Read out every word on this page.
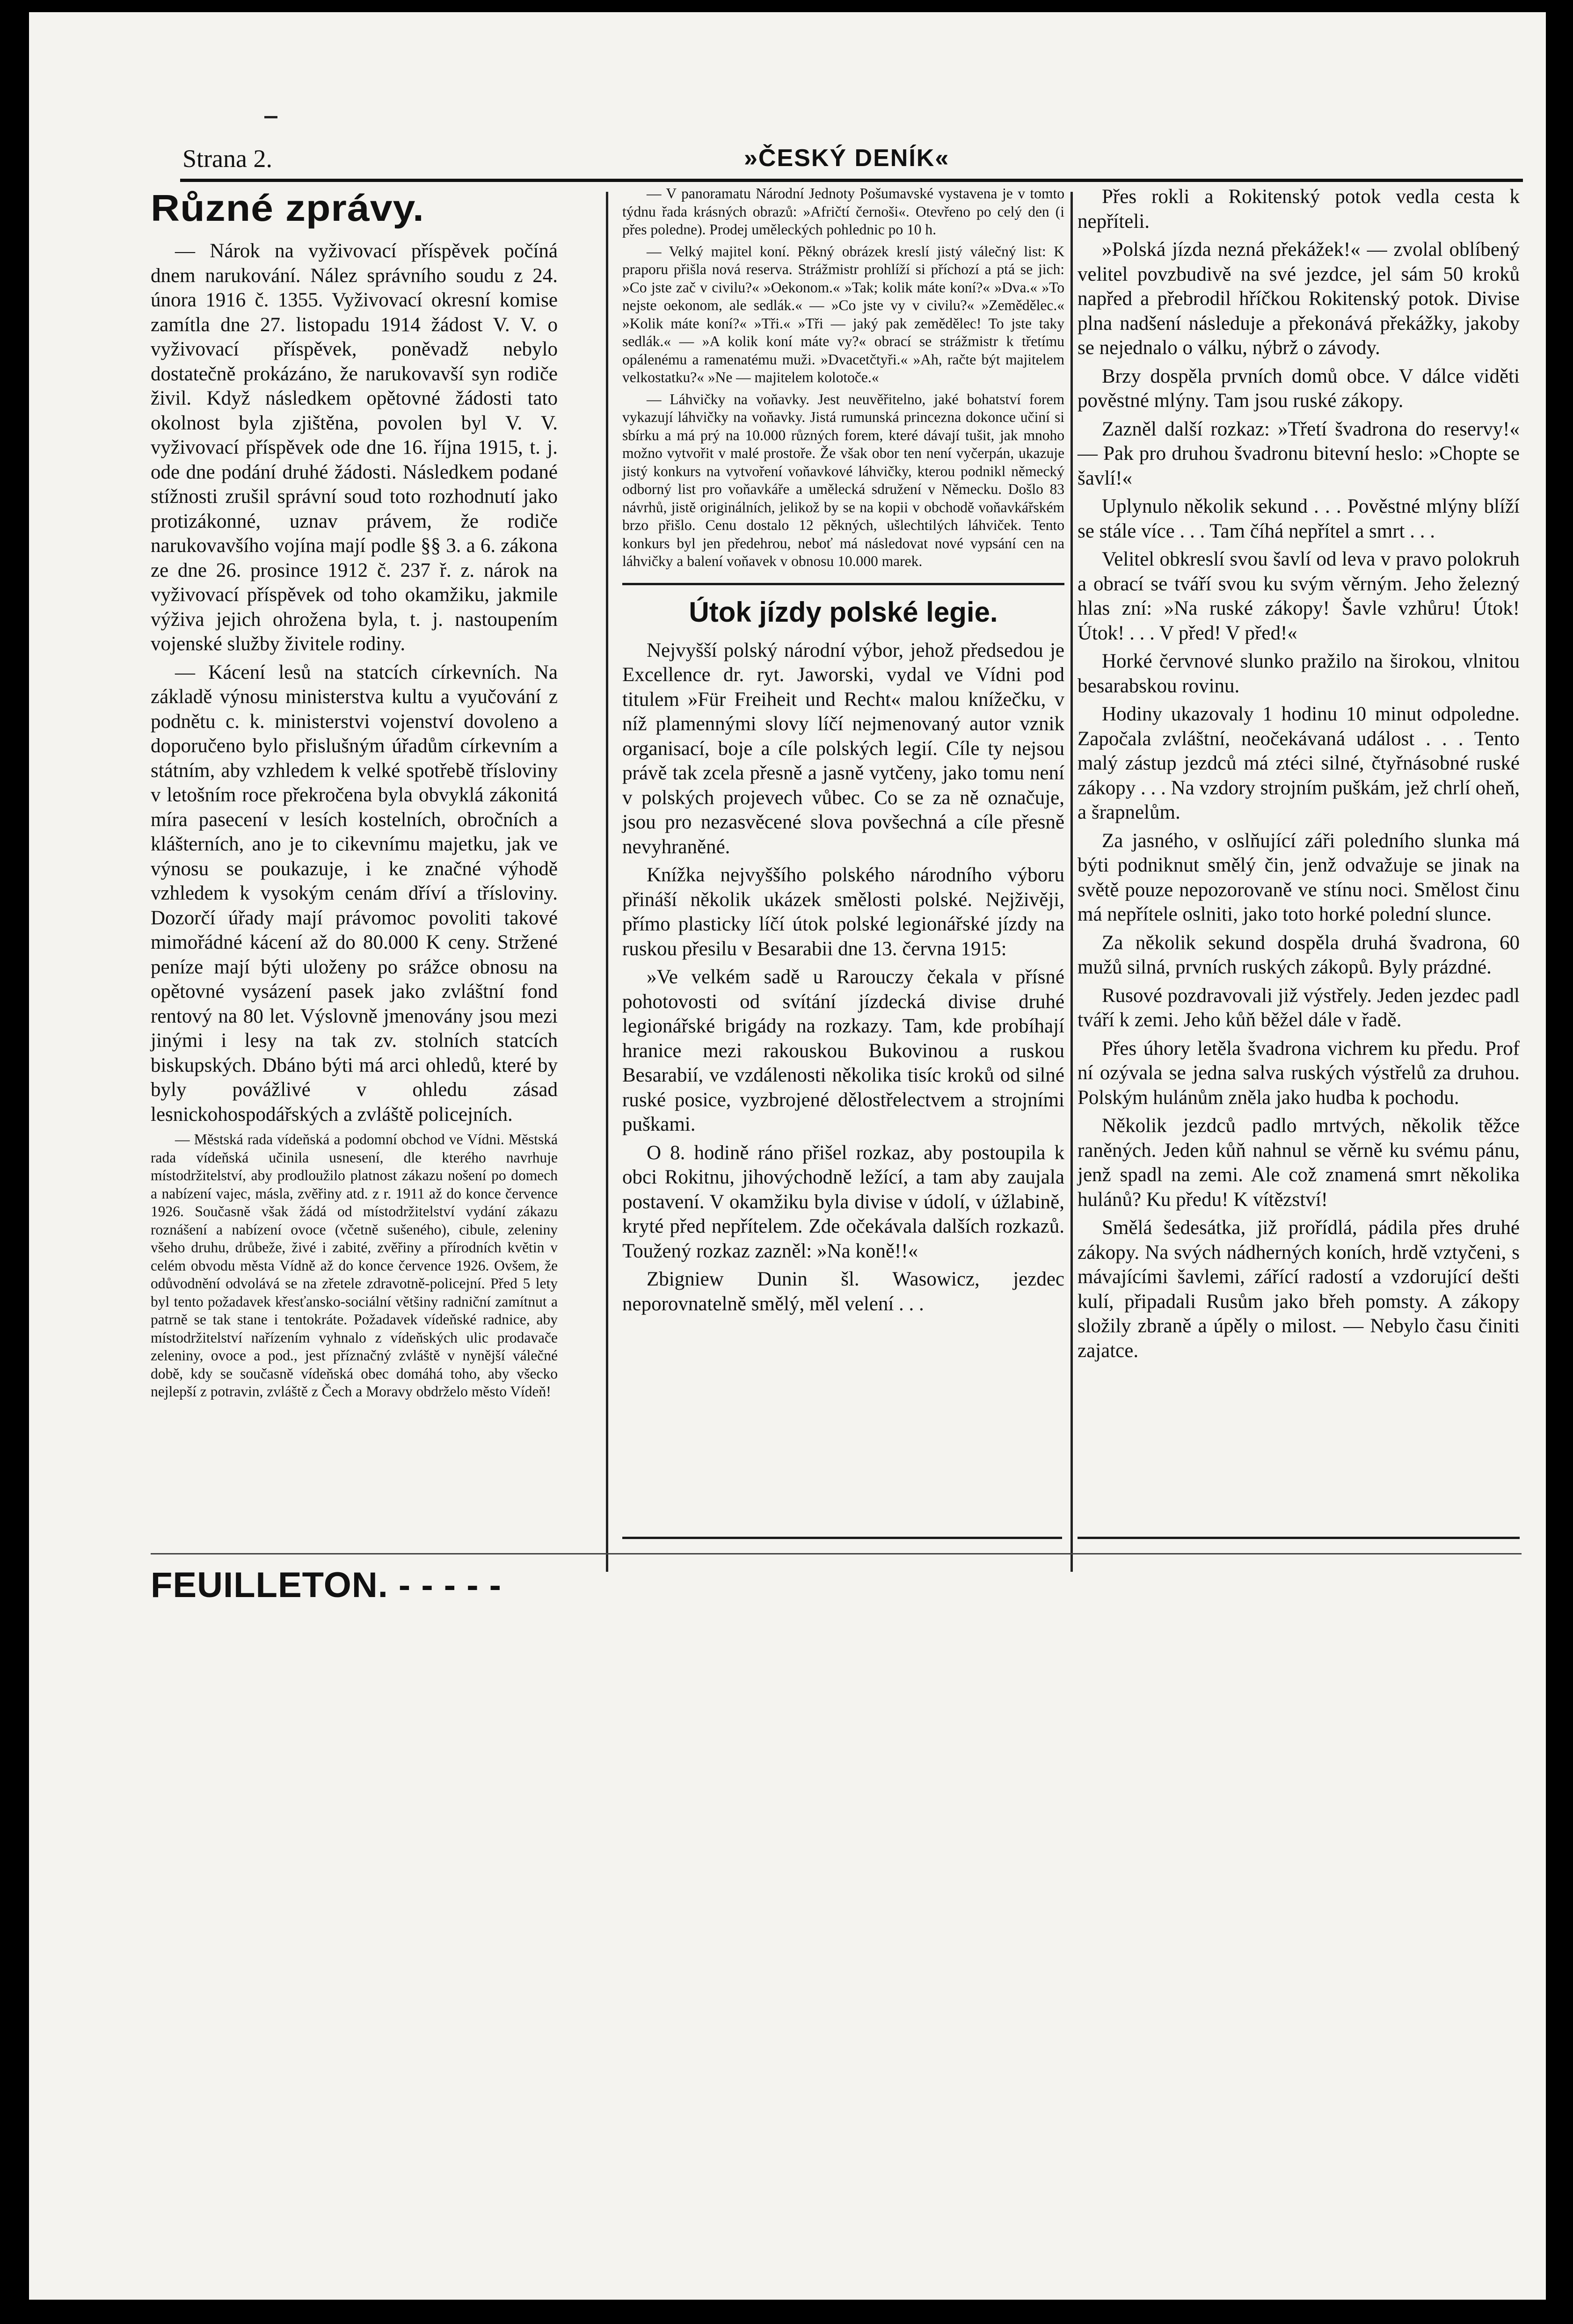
Strana 2.	»ČESKÝ DENÍK«
Různé zprávy.

— Nárok na vyživovací příspěvek počíná dnem narukování. Nález správního soudu z 24. února 1916 č. 1355. Vyživovací okresní komise zamítla dne 27. listopadu 1914 žádost V. V. o vyživovací příspěvek, poněvadž nebylo dostatečně prokázáno, že narukovavší syn rodiče živil. Když následkem opětovné žádosti tato okolnost byla zjištěna, povolen byl V. V. vyživovací příspěvek ode dne 16. října 1915, t. j. ode dne podání druhé žádosti. Následkem podané stížnosti zrušil správní soud toto rozhodnutí jako protizákonné, uznav právem, že rodiče narukovavšího vojína mají podle §§ 3. a 6. zákona ze dne 26. prosince 1912 č. 237 ř. z. nárok na vyživovací příspěvek od toho okamžiku, jakmile výživa jejich ohrožena byla, t. j. nastoupením vojenské služby živitele rodiny.

— Kácení lesů na statcích církevních. Na základě výnosu ministerstva kultu a vyučování z podnětu c. k. ministerstvi vojenství dovoleno a doporučeno bylo přislušným úřadům církevním a státním, aby vzhledem k velké spotřebě třísloviny v letošním roce překročena byla obvyklá zákonitá míra pasecení v lesích kostelních, obročních a klášterních, ano je to cikevnímu majetku, jak ve výnosu se poukazuje, i ke značné výhodě vzhledem k vysokým cenám dříví a třísloviny. Dozorčí úřady mají právomoc povoliti takové mimořádné kácení až do 80.000 K ceny. Stržené peníze mají býti uloženy po srážce obnosu na opětovné vysázení pasek jako zvláštní fond rentový na 80 let. Výslovně jmenovány jsou mezi jinými i lesy na tak zv. stolních statcích biskupských. Dbáno býti má arci ohledů, které by byly povážlivé v ohledu zásad lesnickohospodářských a zvláště policejních.

— Městská rada vídeňská a podomní obchod ve Vídni. Městská rada vídeňská učinila usnesení, dle kterého navrhuje místodržitelství, aby prodloužilo platnost zákazu nošení po domech a nabízení vajec, másla, zvěřiny atd. z r. 1911 až do konce července 1926. Současně však žádá od místodržitelství vydání zákazu roznášení a nabízení ovoce (včetně sušeného), cibule, zeleniny všeho druhu, drůbeže, živé i zabité, zvěřiny a přírodních květin v celém obvodu města Vídně až do konce července 1926. Ovšem, že odůvodnění odvolává se na zřetele zdravotně-policejní. Před 5 lety byl tento požadavek křesťansko-sociální většiny radniční zamítnut a patrně se tak stane i tentokráte. Požadavek vídeňské radnice, aby místodržitelství nařízením vyhnalo z vídeňských ulic prodavače zeleniny, ovoce a pod., jest příznačný zvláště v nynější válečné době, kdy se současně vídeňská obec domáhá toho, aby všecko nejlepší z potravin, zvláště z Čech a Moravy obdrželo město Vídeň!

— V panoramatu Národní Jednoty Pošumavské vystavena je v tomto týdnu řada krásných obrazů: »Afričtí černoši«. Otevřeno po celý den (i přes poledne). Prodej uměleckých pohlednic po 10 h.

— Velký majitel koní. Pěkný obrázek kreslí jistý válečný list: K praporu přišla nová reserva. Strážmistr prohlíží si příchozí a ptá se jich: »Co jste zač v civilu?« »Oekonom.« »Tak; kolik máte koní?« »Dva.« »To nejste oekonom, ale sedlák.« — »Co jste vy v civilu?« »Zemědělec.« »Kolik máte koní?« »Tři.« »Tři — jaký pak zemědělec! To jste taky sedlák.« — »A kolik koní máte vy?« obrací se strážmistr k třetímu opálenému a ramenatému muži. »Dvacetčtyři.« »Ah, račte být majitelem velkostatku?« »Ne — majitelem kolotoče.«

— Láhvičky na voňavky. Jest neuvěřitelno, jaké bohatství forem vykazují láhvičky na voňavky. Jistá rumunská princezna dokonce učiní si sbírku a má prý na 10.000 různých forem, které dávají tušit, jak mnoho možno vytvořit v malé prostoře. Že však obor ten není vyčerpán, ukazuje jistý konkurs na vytvoření voňavkové láhvičky, kterou podnikl německý odborný list pro voňavkáře a umělecká sdružení v Německu. Došlo 83 návrhů, jistě originálních, jelikož by se na kopii v obchodě voňavkářském brzo přišlo. Cenu dostalo 12 pěkných, ušlechtilých láhviček. Tento konkurs byl jen předehrou, neboť má následovat nové vypsání cen na láhvičky a balení voňavek v obnosu 10.000 marek.

Útok jízdy polské legie.

Nejvyšší polský národní výbor, jehož předsedou je Excellence dr. ryt. Jaworski, vydal ve Vídni pod titulem »Für Freiheit und Recht« malou knížečku, v níž plamennými slovy líčí nejmenovaný autor vznik organisací, boje a cíle polských legií. Cíle ty nejsou právě tak zcela přesně a jasně vytčeny, jako tomu není v polských projevech vůbec. Co se za ně označuje, jsou pro nezasvěcené slova povšechná a cíle přesně nevyhraněné.

Knížka nejvyššího polského národního výboru přináší několik ukázek smělosti polské. Nejživěji, přímo plasticky líčí útok polské legionářské jízdy na ruskou přesilu v Besarabii dne 13. června 1915:

»Ve velkém sadě u Rarouczy čekala v přísné pohotovosti od svítání jízdecká divise druhé legionářské brigády na rozkazy. Tam, kde probíhají hranice mezi rakouskou Bukovinou a ruskou Besarabií, ve vzdálenosti několika tisíc kroků od silné ruské posice, vyzbrojené dělostřelectvem a strojními puškami.

O 8. hodině ráno přišel rozkaz, aby postoupila k obci Rokitnu, jihovýchodně ležící, a tam aby zaujala postavení. V okamžiku byla divise v údolí, v úžlabině, kryté před nepřítelem. Zde očekávala dalších rozkazů. Toužený rozkaz zazněl: »Na koně!!«

Zbigniew Dunin šl. Wasowicz, jezdec neporovnatelně smělý, měl velení . . .

Přes rokli a Rokitenský potok vedla cesta k nepříteli.

»Polská jízda nezná překážek!« — zvolal oblíbený velitel povzbudivě na své jezdce, jel sám 50 kroků napřed a přebrodil hříčkou Rokitenský potok. Divise plna nadšení následuje a překonává překážky, jakoby se nejednalo o válku, nýbrž o závody.

Brzy dospěla prvních domů obce. V dálce viděti pověstné mlýny. Tam jsou ruské zákopy.

Zazněl další rozkaz: »Třetí švadrona do reservy!« — Pak pro druhou švadronu bitevní heslo: »Chopte se šavlí!«

Uplynulo několik sekund . . . Pověstné mlýny blíží se stále více . . . Tam číhá nepřítel a smrt . . .

Velitel obkreslí svou šavlí od leva v pravo polokruh a obrací se tváří svou ku svým věrným. Jeho železný hlas zní: »Na ruské zákopy! Šavle vzhůru! Útok! Útok! . . . V před! V před!«

Horké červnové slunko pražilo na širokou, vlnitou besarabskou rovinu.

Hodiny ukazovaly 1 hodinu 10 minut odpoledne. Započala zvláštní, neočekávaná událost . . . Tento malý zástup jezdců má ztéci silné, čtyřnásobné ruské zákopy . . . Na vzdory strojním puškám, jež chrlí oheň, a šrapnelům.

Za jasného, v oslňující záři poledního slunka má býti podniknut smělý čin, jenž odvažuje se jinak na světě pouze nepozorovaně ve stínu noci. Smělost činu má nepřítele oslniti, jako toto horké polední slunce.

Za několik sekund dospěla druhá švadrona, 60 mužů silná, prvních ruských zákopů. Byly prázdné.

Rusové pozdravovali již výstřely. Jeden jezdec padl tváří k zemi. Jeho kůň běžel dále v řadě.

Přes úhory letěla švadrona vichrem ku předu. Prof ní ozývala se jedna salva ruských výstřelů za druhou. Polským hulánům zněla jako hudba k pochodu.

Několik jezdců padlo mrtvých, několik těžce raněných. Jeden kůň nahnul se věrně ku svému pánu, jenž spadl na zemi. Ale což znamená smrt několika hulánů? Ku předu! K vítězství!

Smělá šedesátka, již prořídlá, pádila přes druhé zákopy. Na svých nádherných koních, hrdě vztyčeni, s mávajícími šavlemi, zářící radostí a vzdorující dešti kulí, připadali Rusům jako břeh pomsty. A zákopy složily zbraně a úpěly o milost. — Nebylo času činiti zajatce.

FEUILLETON. - - - - -
